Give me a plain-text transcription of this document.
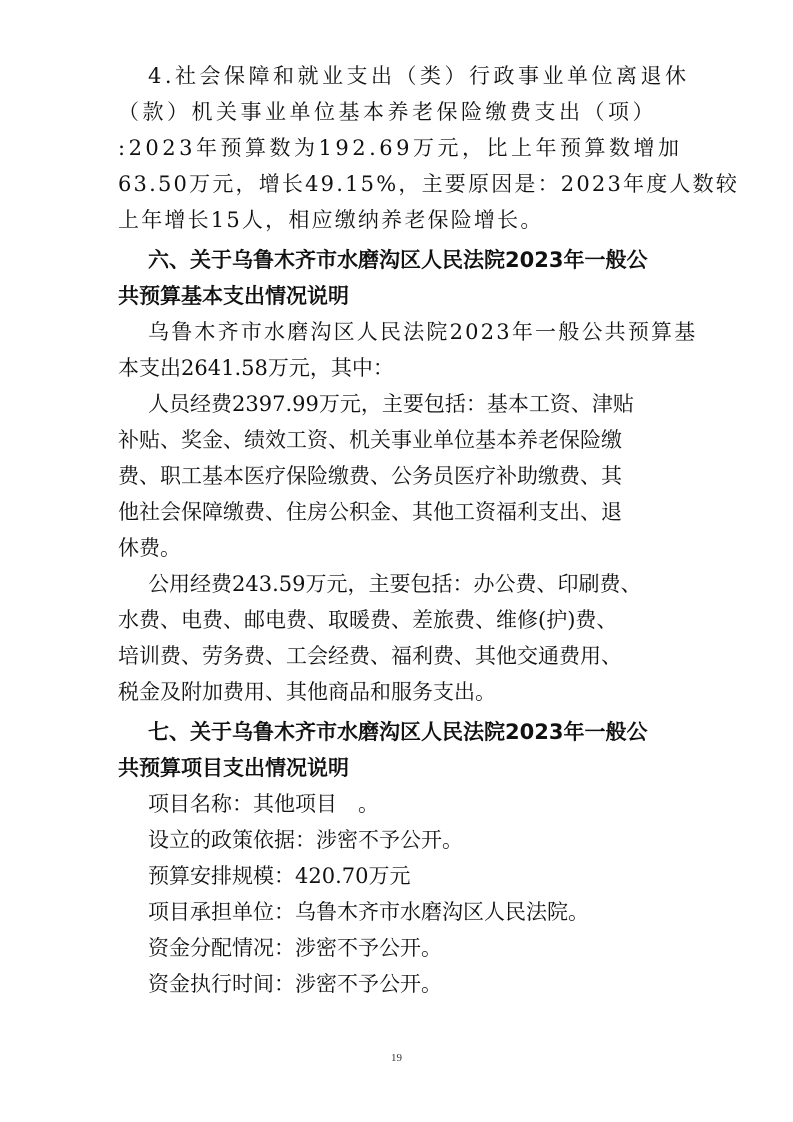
4.社会保障和就业支出（类）行政事业单位离退休
（款）机关事业单位基本养老保险缴费支出（项）
:2023年预算数为192.69万元，比上年预算数增加
63.50万元，增长49.15%，主要原因是：2023年度人数较
上年增长15人，相应缴纳养老保险增长。
六、关于乌鲁木齐市水磨沟区人民法院2023年一般公
共预算基本支出情况说明
乌鲁木齐市水磨沟区人民法院2023年一般公共预算基
本支出2641.58万元，其中：
人员经费2397.99万元，主要包括：基本工资、津贴
补贴、奖金、绩效工资、机关事业单位基本养老保险缴
费、职工基本医疗保险缴费、公务员医疗补助缴费、其
他社会保障缴费、住房公积金、其他工资福利支出、退
休费。
公用经费243.59万元，主要包括：办公费、印刷费、
水费、电费、邮电费、取暖费、差旅费、维修(护)费、
培训费、劳务费、工会经费、福利费、其他交通费用、
税金及附加费用、其他商品和服务支出。
七、关于乌鲁木齐市水磨沟区人民法院2023年一般公
共预算项目支出情况说明
项目名称：其他项目　。
设立的政策依据：涉密不予公开。
预算安排规模：420.70万元
项目承担单位：乌鲁木齐市水磨沟区人民法院。
资金分配情况：涉密不予公开。
资金执行时间：涉密不予公开。
19
